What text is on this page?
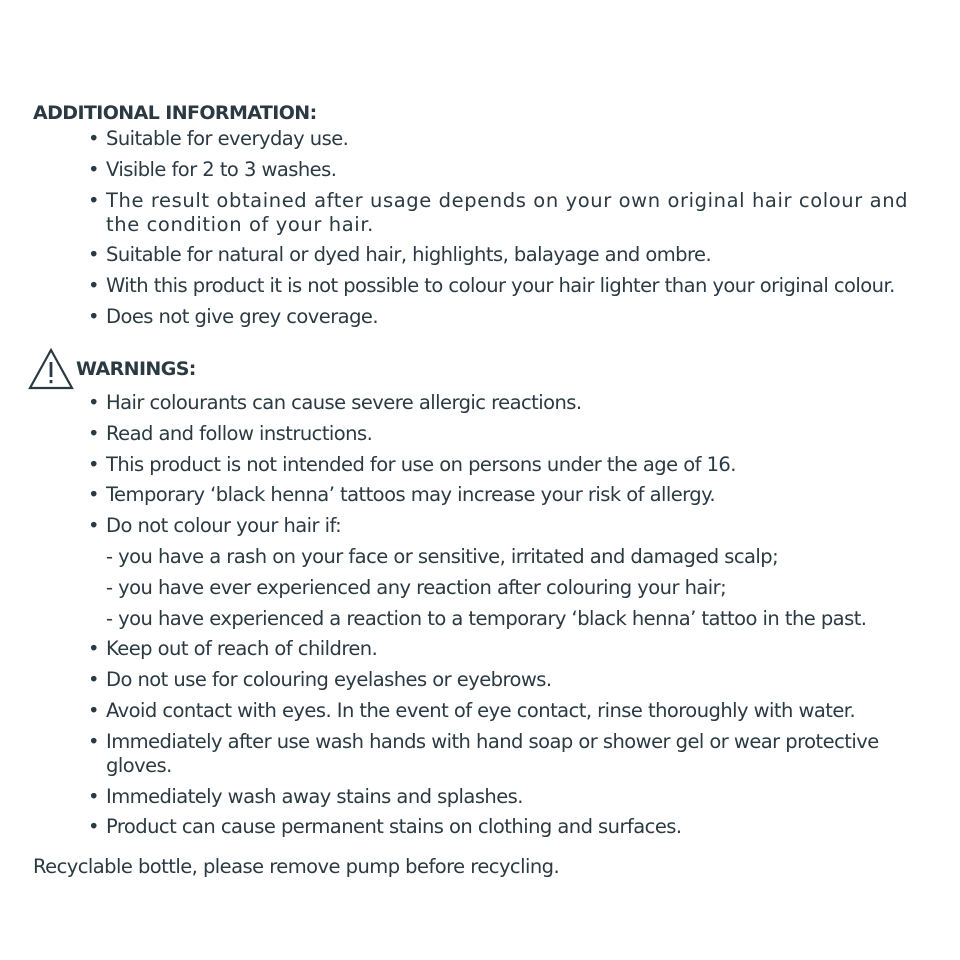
ADDITIONAL INFORMATION:
• Suitable for everyday use.
• Visible for 2 to 3 washes.
• The result obtained after usage depends on your own original hair colour and the condition of your hair.
• Suitable for natural or dyed hair, highlights, balayage and ombre.
• With this product it is not possible to colour your hair lighter than your original colour.
• Does not give grey coverage.
WARNINGS:
• Hair colourants can cause severe allergic reactions.
• Read and follow instructions.
• This product is not intended for use on persons under the age of 16.
• Temporary ‘black henna’ tattoos may increase your risk of allergy.
• Do not colour your hair if:
- you have a rash on your face or sensitive, irritated and damaged scalp;
- you have ever experienced any reaction after colouring your hair;
- you have experienced a reaction to a temporary ‘black henna’ tattoo in the past.
• Keep out of reach of children.
• Do not use for colouring eyelashes or eyebrows.
• Avoid contact with eyes. In the event of eye contact, rinse thoroughly with water.
• Immediately after use wash hands with hand soap or shower gel or wear protective gloves.
• Immediately wash away stains and splashes.
• Product can cause permanent stains on clothing and surfaces.

Recyclable bottle, please remove pump before recycling.
